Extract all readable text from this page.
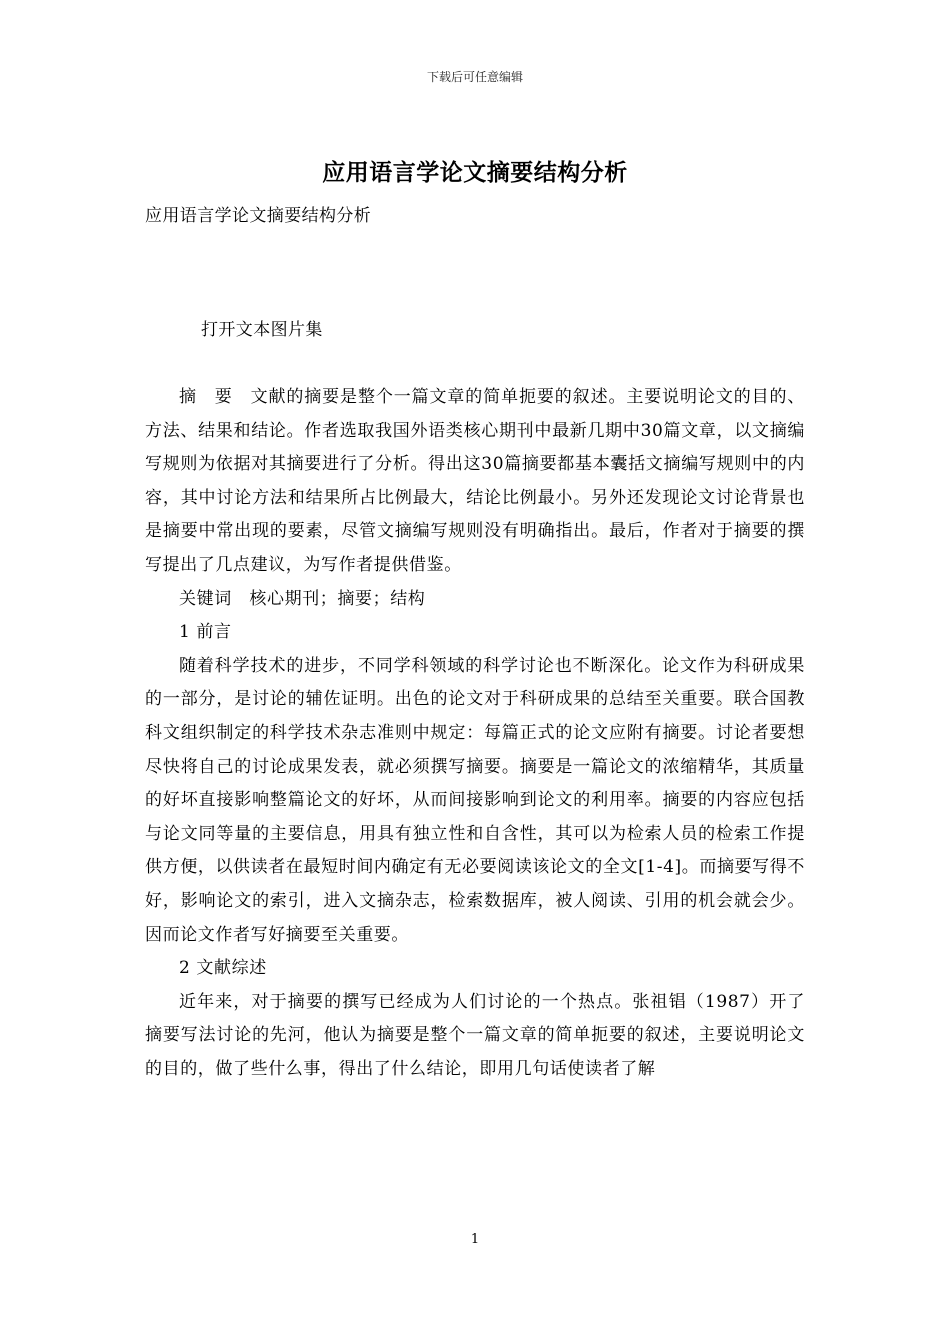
下载后可任意编辑
应用语言学论文摘要结构分析
应用语言学论文摘要结构分析
打开文本图片集

摘　要　文献的摘要是整个一篇文章的简单扼要的叙述。主要说明论文的目的、方法、结果和结论。作者选取我国外语类核心期刊中最新几期中30篇文章，以文摘编写规则为依据对其摘要进行了分析。得出这30篇摘要都基本囊括文摘编写规则中的内容，其中讨论方法和结果所占比例最大，结论比例最小。另外还发现论文讨论背景也是摘要中常出现的要素，尽管文摘编写规则没有明确指出。最后，作者对于摘要的撰写提出了几点建议，为写作者提供借鉴。

关键词　核心期刊；摘要；结构

1 前言

随着科学技术的进步，不同学科领域的科学讨论也不断深化。论文作为科研成果的一部分，是讨论的辅佐证明。出色的论文对于科研成果的总结至关重要。联合国教科文组织制定的科学技术杂志准则中规定：每篇正式的论文应附有摘要。讨论者要想尽快将自己的讨论成果发表，就必须撰写摘要。摘要是一篇论文的浓缩精华，其质量的好坏直接影响整篇论文的好坏，从而间接影响到论文的利用率。摘要的内容应包括与论文同等量的主要信息，用具有独立性和自含性，其可以为检索人员的检索工作提供方便，以供读者在最短时间内确定有无必要阅读该论文的全文[1-4]。而摘要写得不好，影响论文的索引，进入文摘杂志，检索数据库，被人阅读、引用的机会就会少。因而论文作者写好摘要至关重要。

2 文献综述

近年来，对于摘要的撰写已经成为人们讨论的一个热点。张祖锠（1987）开了摘要写法讨论的先河，他认为摘要是整个一篇文章的简单扼要的叙述，主要说明论文的目的，做了些什么事，得出了什么结论，即用几句话使读者了解

1
